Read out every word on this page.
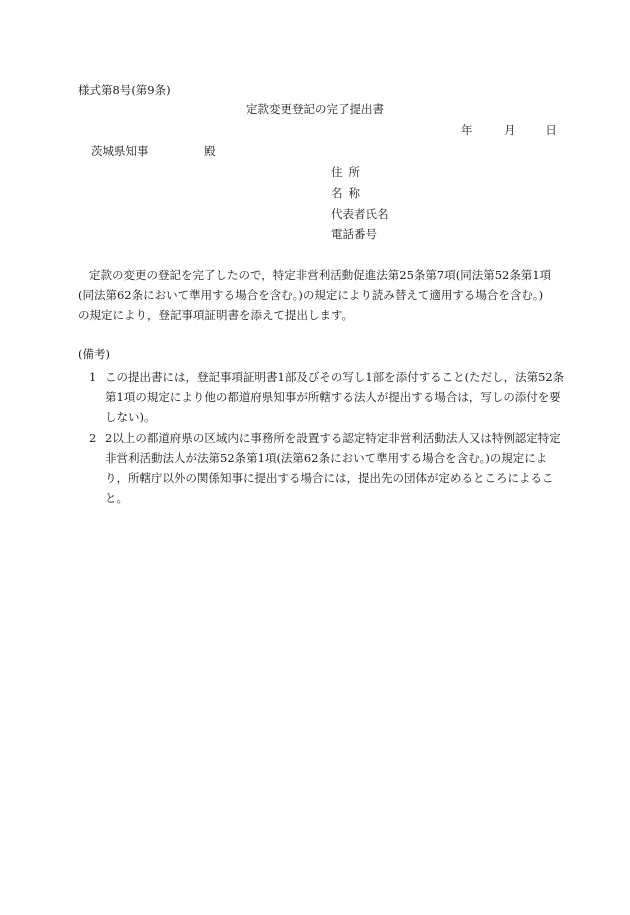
様式第8号(第9条)
定款変更登記の完了提出書
年	月	日
茨城県知事	殿
住所
名称
代表者氏名
電話番号
定款の変更の登記を完了したので，特定非営利活動促進法第25条第7項(同法第52条第1項(同法第62条において準用する場合を含む。)の規定により読み替えて適用する場合を含む。)の規定により，登記事項証明書を添えて提出します。
(備考)
1 この提出書には，登記事項証明書1部及びその写し1部を添付すること(ただし，法第52条第1項の規定により他の都道府県知事が所轄する法人が提出する場合は，写しの添付を要しない)。
2 2以上の都道府県の区域内に事務所を設置する認定特定非営利活動法人又は特例認定特定非営利活動法人が法第52条第1項(法第62条において準用する場合を含む。)の規定により，所轄庁以外の関係知事に提出する場合には，提出先の団体が定めるところによること。
